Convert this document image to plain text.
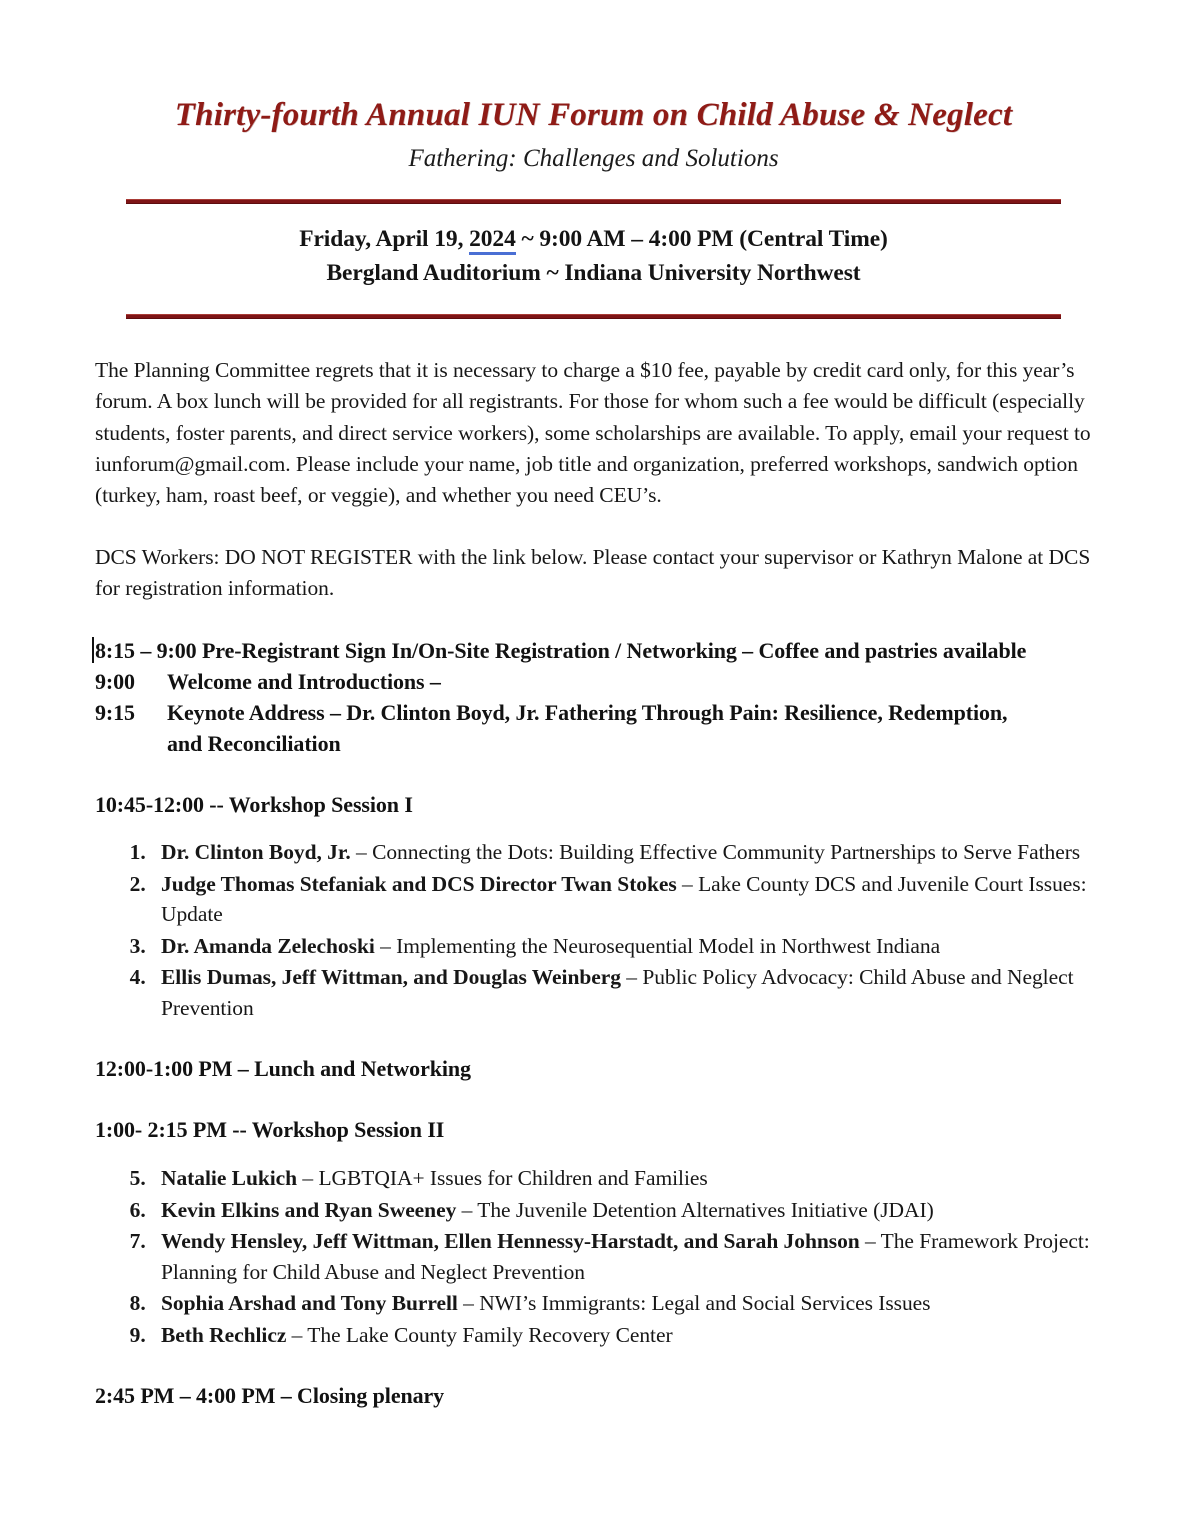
Thirty-fourth Annual IUN Forum on Child Abuse & Neglect
Fathering: Challenges and Solutions
Friday, April 19, 2024 ~ 9:00 AM – 4:00 PM (Central Time)
Bergland Auditorium ~ Indiana University Northwest

The Planning Committee regrets that it is necessary to charge a $10 fee, payable by credit card only, for this year’s forum. A box lunch will be provided for all registrants. For those for whom such a fee would be difficult (especially students, foster parents, and direct service workers), some scholarships are available. To apply, email your request to iunforum@gmail.com. Please include your name, job title and organization, preferred workshops, sandwich option (turkey, ham, roast beef, or veggie), and whether you need CEU’s.

DCS Workers: DO NOT REGISTER with the link below. Please contact your supervisor or Kathryn Malone at DCS for registration information.

8:15 – 9:00 Pre-Registrant Sign In/On-Site Registration / Networking – Coffee and pastries available
9:00 Welcome and Introductions –
9:15 Keynote Address – Dr. Clinton Boyd, Jr. Fathering Through Pain: Resilience, Redemption,
and Reconciliation
10:45-12:00 -- Workshop Session I
1. Dr. Clinton Boyd, Jr. – Connecting the Dots: Building Effective Community Partnerships to Serve Fathers
2. Judge Thomas Stefaniak and DCS Director Twan Stokes – Lake County DCS and Juvenile Court Issues: Update
3. Dr. Amanda Zelechoski – Implementing the Neurosequential Model in Northwest Indiana
4. Ellis Dumas, Jeff Wittman, and Douglas Weinberg – Public Policy Advocacy: Child Abuse and Neglect Prevention
12:00-1:00 PM – Lunch and Networking
1:00- 2:15 PM -- Workshop Session II
5. Natalie Lukich – LGBTQIA+ Issues for Children and Families
6. Kevin Elkins and Ryan Sweeney – The Juvenile Detention Alternatives Initiative (JDAI)
7. Wendy Hensley, Jeff Wittman, Ellen Hennessy-Harstadt, and Sarah Johnson – The Framework Project: Planning for Child Abuse and Neglect Prevention
8. Sophia Arshad and Tony Burrell – NWI’s Immigrants: Legal and Social Services Issues
9. Beth Rechlicz – The Lake County Family Recovery Center
2:45 PM – 4:00 PM – Closing plenary
